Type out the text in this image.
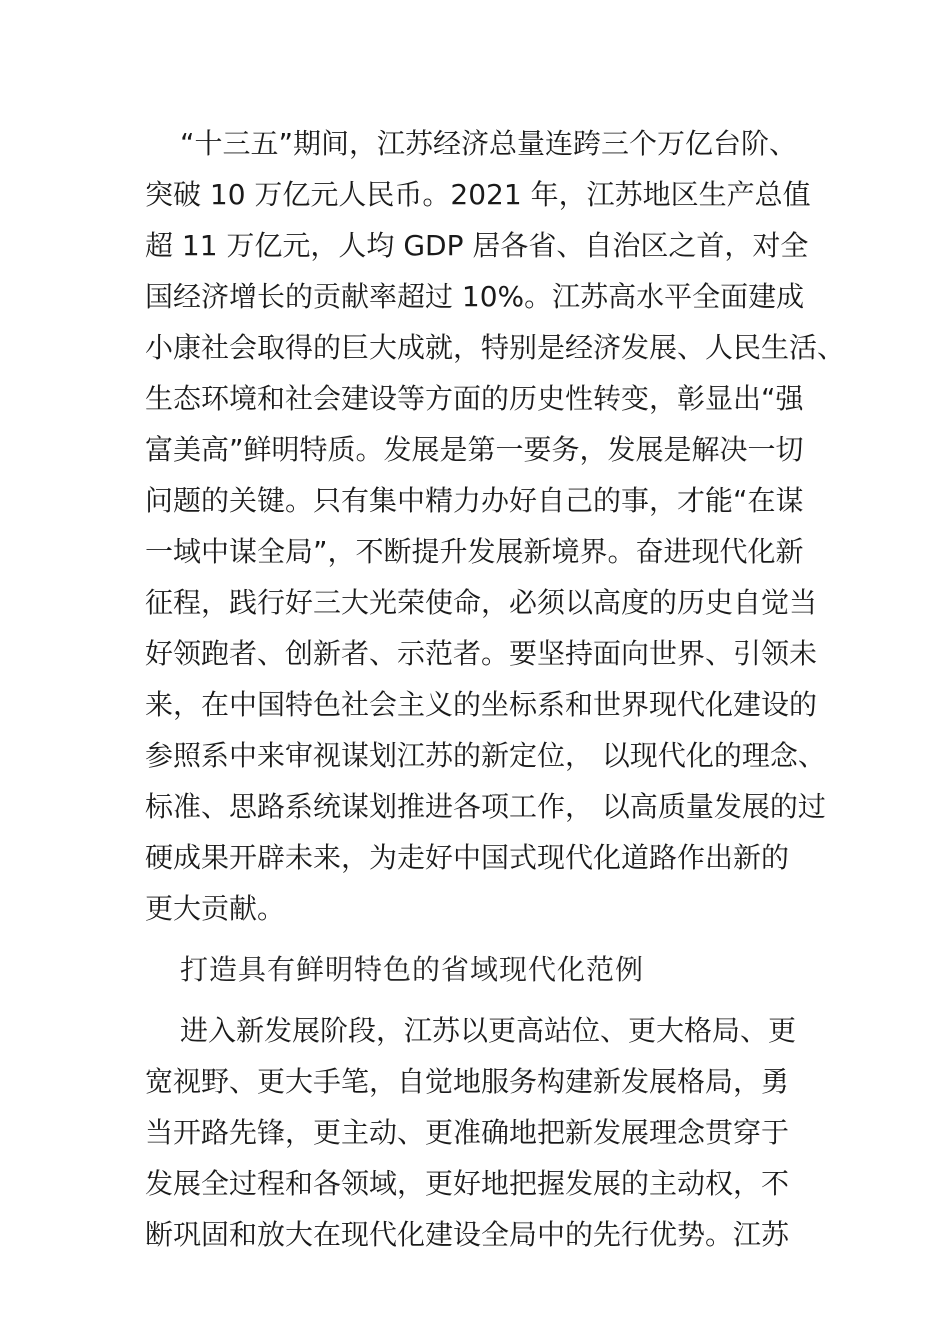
“十三五”期间，江苏经济总量连跨三个万亿台阶、
突破 10 万亿元人民币。2021 年，江苏地区生产总值
超 11 万亿元，人均 GDP 居各省、自治区之首，对全
国经济增长的贡献率超过 10%。江苏高水平全面建成
小康社会取得的巨大成就，特别是经济发展、人民生活、
生态环境和社会建设等方面的历史性转变，彰显出“强
富美高”鲜明特质。发展是第一要务，发展是解决一切
问题的关键。只有集中精力办好自己的事，才能“在谋
一域中谋全局”，不断提升发展新境界。奋进现代化新
征程，践行好三大光荣使命，必须以高度的历史自觉当
好领跑者、创新者、示范者。要坚持面向世界、引领未
来，在中国特色社会主义的坐标系和世界现代化建设的
参照系中来审视谋划江苏的新定位， 以现代化的理念、
标准、思路系统谋划推进各项工作， 以高质量发展的过
硬成果开辟未来，为走好中国式现代化道路作出新的
更大贡献。
打造具有鲜明特色的省域现代化范例
进入新发展阶段，江苏以更高站位、更大格局、更
宽视野、更大手笔，自觉地服务构建新发展格局，勇
当开路先锋，更主动、更准确地把新发展理念贯穿于
发展全过程和各领域，更好地把握发展的主动权，不
断巩固和放大在现代化建设全局中的先行优势。江苏
